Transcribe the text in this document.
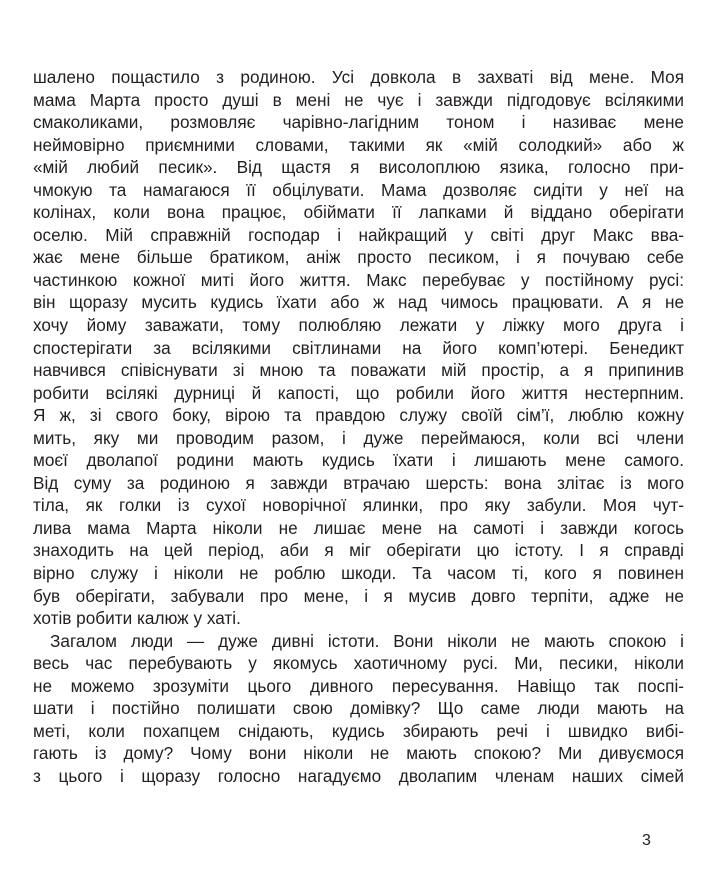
шалено пощастило з родиною. Усі довкола в захваті від мене. Моя
мама Марта просто душі в мені не чує і завжди підгодовує всілякими
смаколиками, розмовляє чарівно-лагідним тоном і називає мене
неймовірно приємними словами, такими як «мій солодкий» або ж
«мій любий песик». Від щастя я висолоплюю язика, голосно при-
чмокую та намагаюся її обцілувати. Мама дозволяє сидіти у неї на
колінах, коли вона працює, обіймати її лапками й віддано оберігати
оселю. Мій справжній господар і найкращий у світі друг Макс вва-
жає мене більше братиком, аніж просто песиком, і я почуваю себе
частинкою кожної миті його життя. Макс перебуває у постійному русі:
він щоразу мусить кудись їхати або ж над чимось працювати. А я не
хочу йому заважати, тому полюбляю лежати у ліжку мого друга і
спостерігати за всілякими світлинами на його комп’ютері. Бенедикт
навчився співіснувати зі мною та поважати мій простір, а я припинив
робити всілякі дурниці й капості, що робили його життя нестерпним.
Я ж, зі свого боку, вірою та правдою служу своїй сім’ї, люблю кожну
мить, яку ми проводим разом, і дуже переймаюся, коли всі члени
моєї дволапої родини мають кудись їхати і лишають мене самого.
Від суму за родиною я завжди втрачаю шерсть: вона злітає із мого
тіла, як голки із сухої новорічної ялинки, про яку забули. Моя чут-
лива мама Марта ніколи не лишає мене на самоті і завжди когось
знаходить на цей період, аби я міг оберігати цю істоту. І я справді
вірно служу і ніколи не роблю шкоди. Та часом ті, кого я повинен
був оберігати, забували про мене, і я мусив довго терпіти, адже не
хотів робити калюж у хаті.
Загалом люди — дуже дивні істоти. Вони ніколи не мають спокою і
весь час перебувають у якомусь хаотичному русі. Ми, песики, ніколи
не можемо зрозуміти цього дивного пересування. Навіщо так поспі-
шати і постійно полишати свою домівку? Що саме люди мають на
меті, коли похапцем снідають, кудись збирають речі і швидко вибі-
гають із дому? Чому вони ніколи не мають спокою? Ми дивуємося
з цього і щоразу голосно нагадуємо дволапим членам наших сімей
3
